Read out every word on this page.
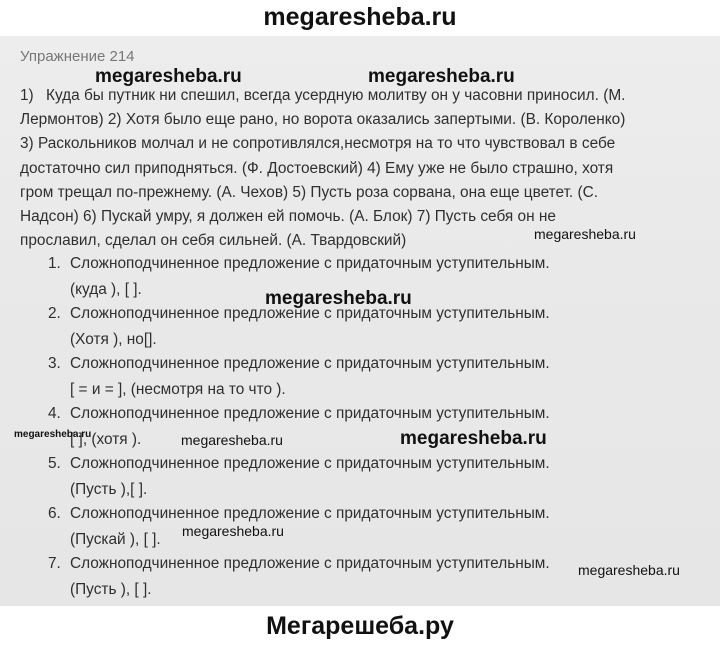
megaresheba.ru
Упражнение 214
1) Куда бы путник ни спешил, всегда усердную молитву он у часовни приносил. (М.
Лермонтов) 2) Хотя было еще рано, но ворота оказались запертыми. (В. Короленко)
3) Раскольников молчал и не сопротивлялся,несмотря на то что чувствовал в себе
достаточно сил приподняться. (Ф. Достоевский) 4) Ему уже не было страшно, хотя
гром трещал по-прежнему. (А. Чехов) 5) Пусть роза сорвана, она еще цветет. (С.
Надсон) 6) Пускай умру, я должен ей помочь. (А. Блок) 7) Пусть себя он не
прославил, сделал он себя сильней. (А. Твардовский)
1. Сложноподчиненное предложение с придаточным уступительным.
(куда ), [ ].
2. Сложноподчиненное предложение с придаточным уступительным.
(Хотя ), но[].
3. Сложноподчиненное предложение с придаточным уступительным.
[ = и = ], (несмотря на то что ).
4. Сложноподчиненное предложение с придаточным уступительным.
[ ], (хотя ).
5. Сложноподчиненное предложение с придаточным уступительным.
(Пусть ),[ ].
6. Сложноподчиненное предложение с придаточным уступительным.
(Пускай ), [ ].
7. Сложноподчиненное предложение с придаточным уступительным.
(Пусть ), [ ].
megaresheba.ru	megaresheba.ru
megaresheba.ru
megaresheba.ru
megaresheba.ru	megaresheba.ru	megaresheba.ru
megaresheba.ru
megaresheba.ru
Мегарешеба.ру
